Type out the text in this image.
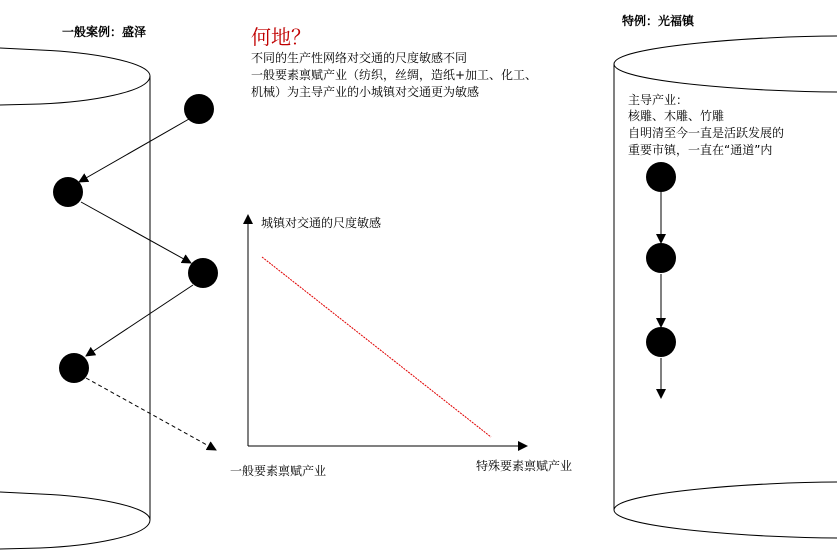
一般案例：盛泽	何地？
不同的生产性网络对交通的尺度敏感不同
一般要素禀赋产业（纺织，丝绸，造纸+加工、化工、
机械）为主导产业的小城镇对交通更为敏感
城镇对交通的尺度敏感
一般要素禀赋产业	特殊要素禀赋产业
特例：光福镇
主导产业：
核雕、木雕、竹雕
自明清至今一直是活跃发展的
重要市镇，一直在“通道”内
